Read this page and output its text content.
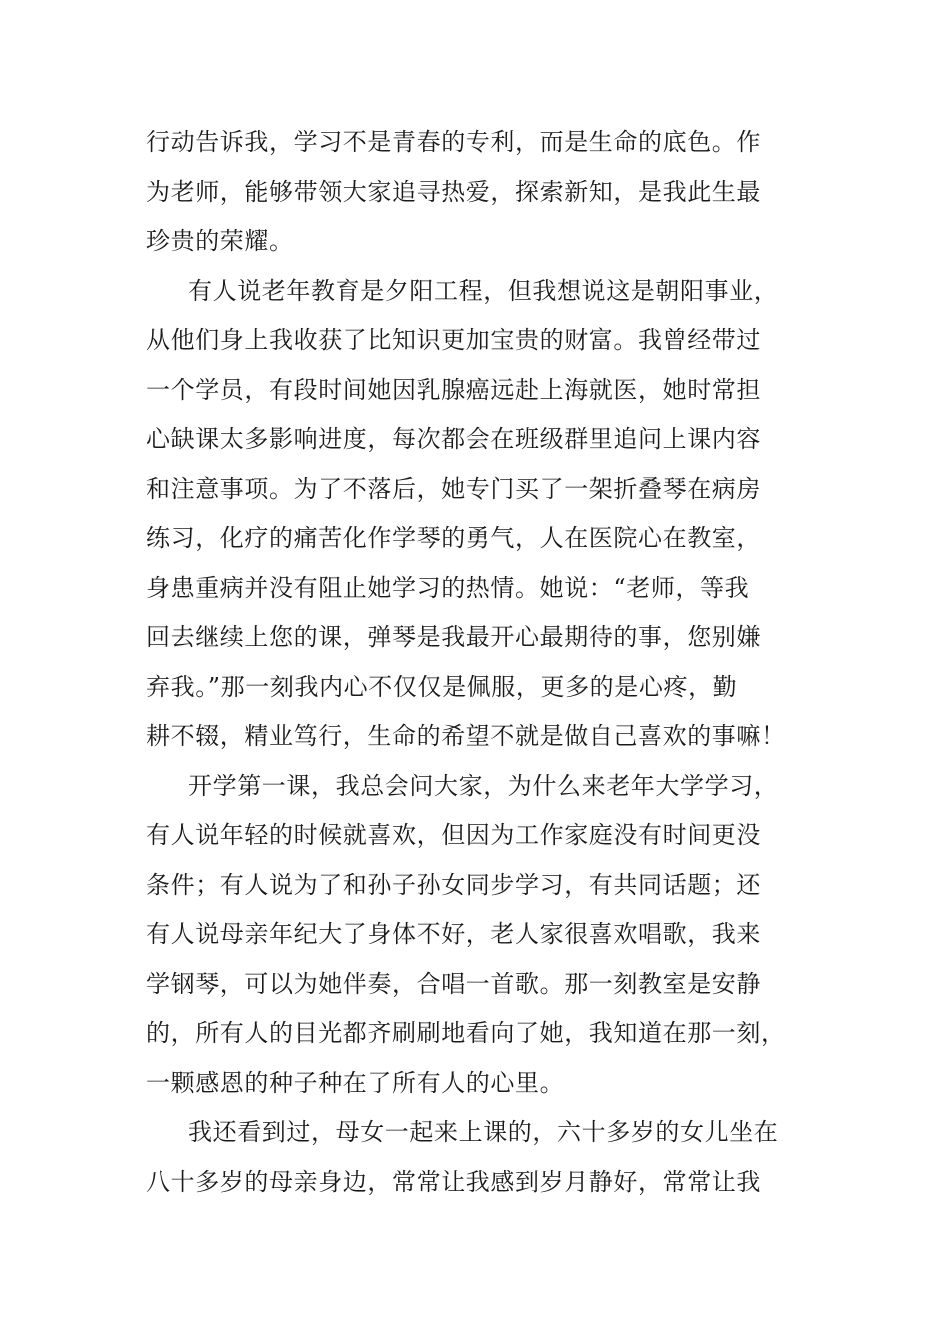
行动告诉我，学习不是青春的专利，而是生命的底色。作
为老师，能够带领大家追寻热爱，探索新知，是我此生最
珍贵的荣耀。
有人说老年教育是夕阳工程，但我想说这是朝阳事业，
从他们身上我收获了比知识更加宝贵的财富。我曾经带过
一个学员，有段时间她因乳腺癌远赴上海就医，她时常担
心缺课太多影响进度，每次都会在班级群里追问上课内容
和注意事项。为了不落后，她专门买了一架折叠琴在病房
练习，化疗的痛苦化作学琴的勇气，人在医院心在教室，
身患重病并没有阻止她学习的热情。她说：“老师，等我
回去继续上您的课，弹琴是我最开心最期待的事，您别嫌
弃我。”那一刻我内心不仅仅是佩服，更多的是心疼，勤
耕不辍，精业笃行，生命的希望不就是做自己喜欢的事嘛！
开学第一课，我总会问大家，为什么来老年大学学习，
有人说年轻的时候就喜欢，但因为工作家庭没有时间更没
条件；有人说为了和孙子孙女同步学习，有共同话题；还
有人说母亲年纪大了身体不好，老人家很喜欢唱歌，我来
学钢琴，可以为她伴奏，合唱一首歌。那一刻教室是安静
的，所有人的目光都齐刷刷地看向了她，我知道在那一刻，
一颗感恩的种子种在了所有人的心里。
我还看到过，母女一起来上课的，六十多岁的女儿坐在
八十多岁的母亲身边，常常让我感到岁月静好，常常让我
